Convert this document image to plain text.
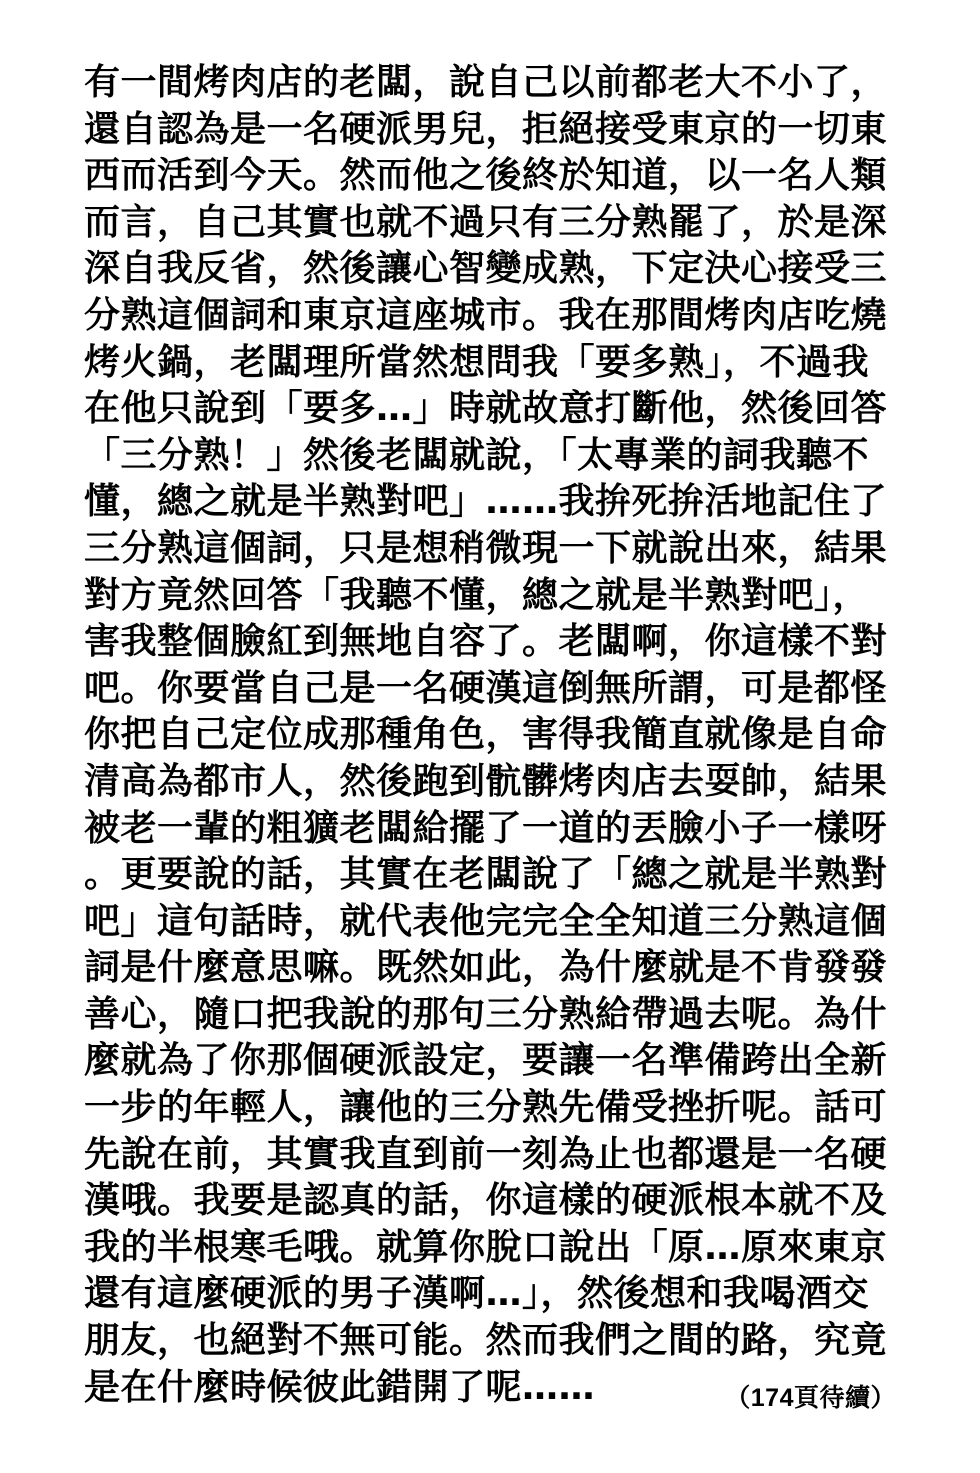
有一間烤肉店的老闆，說自己以前都老大不小了，
還自認為是一名硬派男兒，拒絕接受東京的一切東
西而活到今天。然而他之後終於知道，以一名人類
而言，自己其實也就不過只有三分熟罷了，於是深
深自我反省，然後讓心智變成熟，下定決心接受三
分熟這個詞和東京這座城市。我在那間烤肉店吃燒
烤火鍋，老闆理所當然想問我「要多熟」，不過我
在他只說到「要多…」時就故意打斷他，然後回答
「三分熟！」然後老闆就說，「太專業的詞我聽不
懂，總之就是半熟對吧」……我拚死拚活地記住了
三分熟這個詞，只是想稍微現一下就說出來，結果
對方竟然回答「我聽不懂，總之就是半熟對吧」，
害我整個臉紅到無地自容了。老闆啊，你這樣不對
吧。你要當自己是一名硬漢這倒無所謂，可是都怪
你把自己定位成那種角色，害得我簡直就像是自命
清高為都市人，然後跑到骯髒烤肉店去耍帥，結果
被老一輩的粗獷老闆給擺了一道的丟臉小子一樣呀
。更要說的話，其實在老闆說了「總之就是半熟對
吧」這句話時，就代表他完完全全知道三分熟這個
詞是什麼意思嘛。既然如此，為什麼就是不肯發發
善心，隨口把我說的那句三分熟給帶過去呢。為什
麼就為了你那個硬派設定，要讓一名準備跨出全新
一步的年輕人，讓他的三分熟先備受挫折呢。話可
先說在前，其實我直到前一刻為止也都還是一名硬
漢哦。我要是認真的話，你這樣的硬派根本就不及
我的半根寒毛哦。就算你脫口說出「原…原來東京
還有這麼硬派的男子漢啊…」，然後想和我喝酒交
朋友，也絕對不無可能。然而我們之間的路，究竟
是在什麼時候彼此錯開了呢……	（174頁待續）
